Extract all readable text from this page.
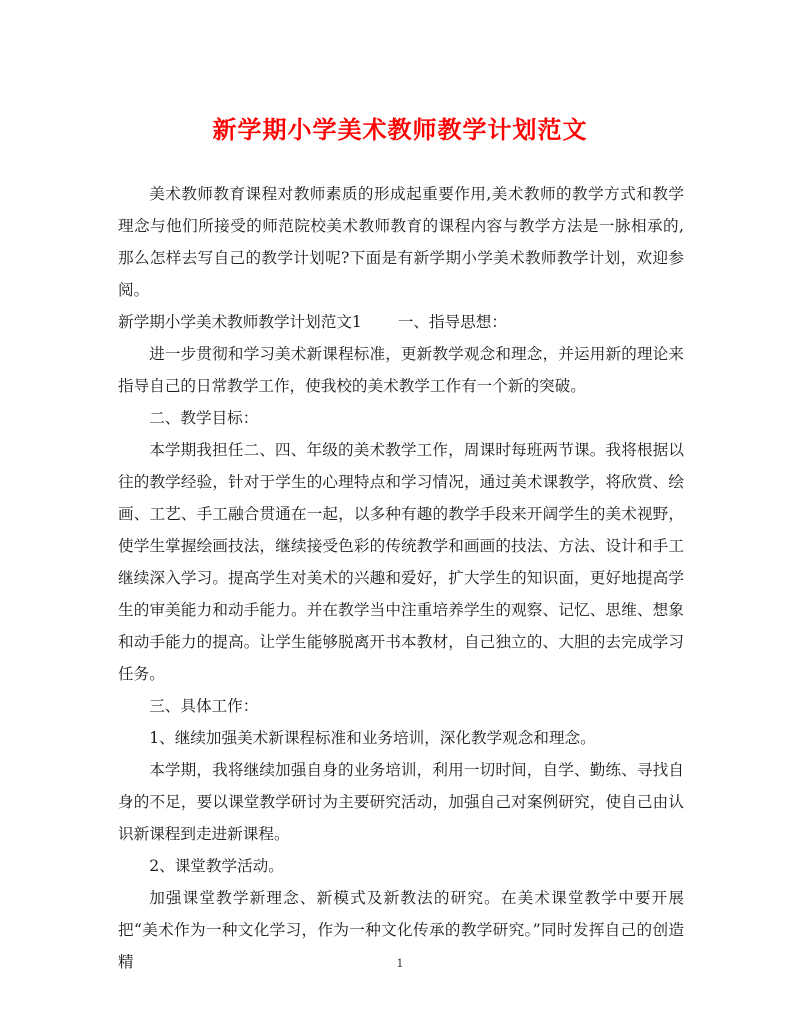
新学期小学美术教师教学计划范文

美术教师教育课程对教师素质的形成起重要作用,美术教师的教学方式和教学理念与他们所接受的师范院校美术教师教育的课程内容与教学方法是一脉相承的,那么怎样去写自己的教学计划呢?下面是有新学期小学美术教师教学计划，欢迎参阅。

新学期小学美术教师教学计划范文1 一、指导思想：

进一步贯彻和学习美术新课程标准，更新教学观念和理念，并运用新的理论来指导自己的日常教学工作，使我校的美术教学工作有一个新的突破。

二、教学目标：

本学期我担任二、四、年级的美术教学工作，周课时每班两节课。我将根据以往的教学经验，针对于学生的心理特点和学习情况，通过美术课教学，将欣赏、绘画、工艺、手工融合贯通在一起，以多种有趣的教学手段来开阔学生的美术视野，使学生掌握绘画技法，继续接受色彩的传统教学和画画的技法、方法、设计和手工继续深入学习。提高学生对美术的兴趣和爱好，扩大学生的知识面，更好地提高学生的审美能力和动手能力。并在教学当中注重培养学生的观察、记忆、思维、想象和动手能力的提高。让学生能够脱离开书本教材，自己独立的、大胆的去完成学习任务。

三、具体工作：

1、继续加强美术新课程标准和业务培训，深化教学观念和理念。

本学期，我将继续加强自身的业务培训，利用一切时间，自学、勤练、寻找自身的不足，要以课堂教学研讨为主要研究活动，加强自己对案例研究，使自己由认识新课程到走进新课程。

2、课堂教学活动。

加强课堂教学新理念、新模式及新教法的研究。在美术课堂教学中要开展把“美术作为一种文化学习，作为一种文化传承的教学研究。”同时发挥自己的创造精	1
